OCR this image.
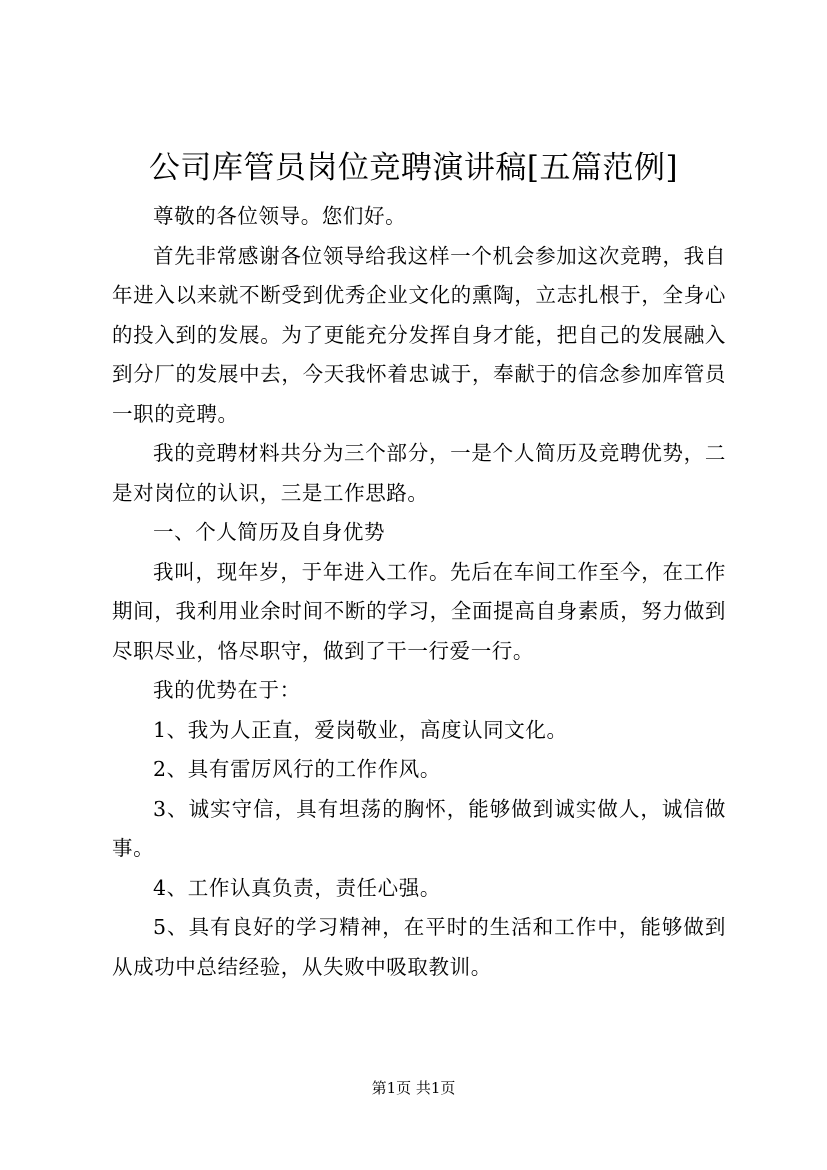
公司库管员岗位竞聘演讲稿[五篇范例]

尊敬的各位领导。您们好。

首先非常感谢各位领导给我这样一个机会参加这次竞聘，我自年进入以来就不断受到优秀企业文化的熏陶，立志扎根于，全身心的投入到的发展。为了更能充分发挥自身才能，把自己的发展融入到分厂的发展中去，今天我怀着忠诚于，奉献于的信念参加库管员一职的竞聘。

我的竞聘材料共分为三个部分，一是个人简历及竞聘优势，二是对岗位的认识，三是工作思路。

一、个人简历及自身优势

我叫，现年岁，于年进入工作。先后在车间工作至今，在工作期间，我利用业余时间不断的学习，全面提高自身素质，努力做到尽职尽业，恪尽职守，做到了干一行爱一行。

我的优势在于：

1、我为人正直，爱岗敬业，高度认同文化。

2、具有雷厉风行的工作作风。

3、诚实守信，具有坦荡的胸怀，能够做到诚实做人，诚信做事。

4、工作认真负责，责任心强。

5、具有良好的学习精神，在平时的生活和工作中，能够做到从成功中总结经验，从失败中吸取教训。

第1页 共1页
